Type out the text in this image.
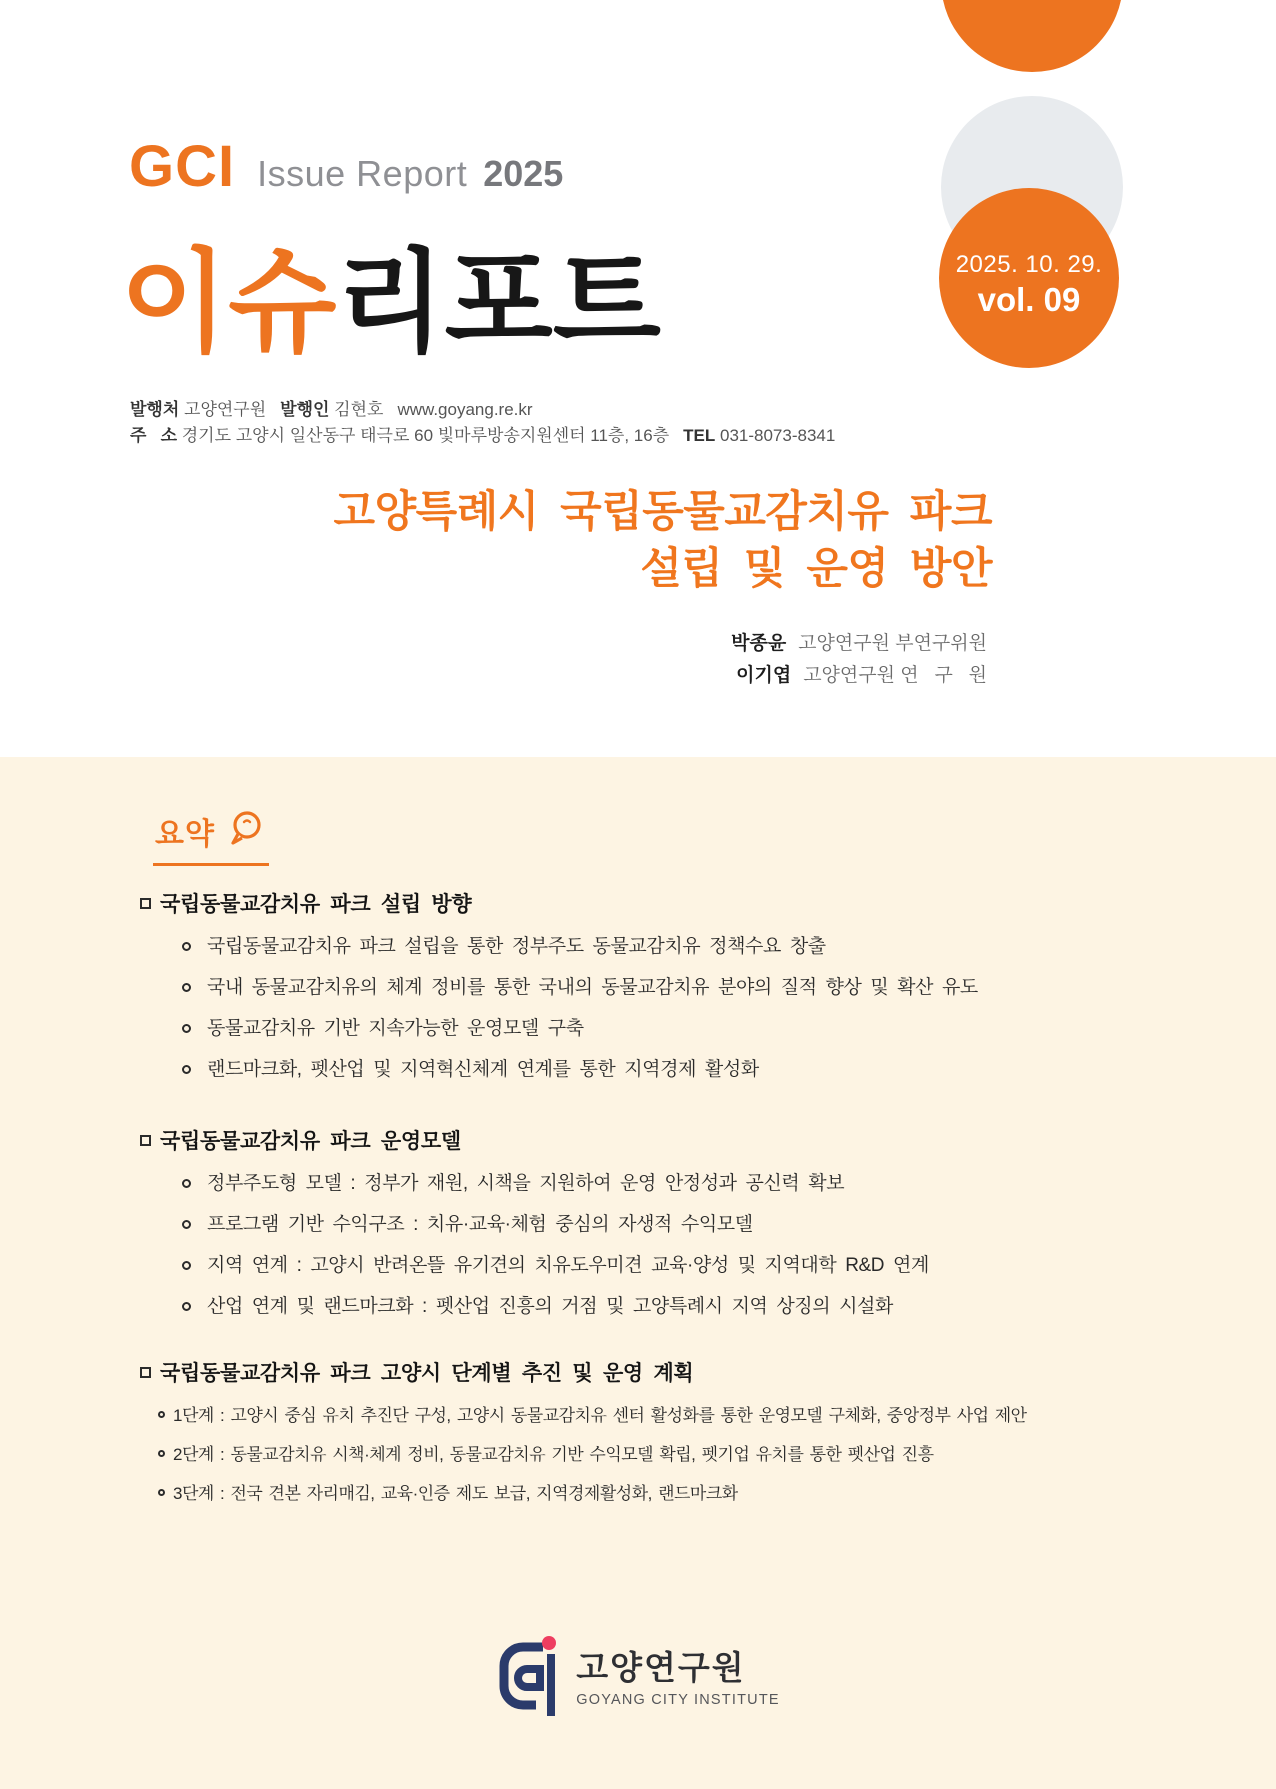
2025. 10. 29.
vol. 09
GCI Issue Report 2025
이슈리포트
발행처 고양연구원 발행인 김현호 www.goyang.re.kr
주   소 경기도 고양시 일산동구 태극로 60 빛마루방송지원센터 11층, 16층 TEL 031-8073-8341
고양특례시 국립동물교감치유 파크
설립 및 운영 방안
박종윤 고양연구원 부연구위원
이기엽 고양연구원 연   구   원
요약
국립동물교감치유 파크 설립 방향
국립동물교감치유 파크 설립을 통한 정부주도 동물교감치유 정책수요 창출
국내 동물교감치유의 체계 정비를 통한 국내의 동물교감치유 분야의 질적 향상 및 확산 유도
동물교감치유 기반 지속가능한 운영모델 구축
랜드마크화, 펫산업 및 지역혁신체계 연계를 통한 지역경제 활성화
국립동물교감치유 파크 운영모델
정부주도형 모델 : 정부가 재원, 시책을 지원하여 운영 안정성과 공신력 확보
프로그램 기반 수익구조 : 치유·교육·체험 중심의 자생적 수익모델
지역 연계 : 고양시 반려온뜰 유기견의 치유도우미견 교육·양성 및 지역대학 R&D 연계
산업 연계 및 랜드마크화 : 펫산업 진흥의 거점 및 고양특례시 지역 상징의 시설화
국립동물교감치유 파크 고양시 단계별 추진 및 운영 계획
1단계 : 고양시 중심 유치 추진단 구성, 고양시 동물교감치유 센터 활성화를 통한 운영모델 구체화, 중앙정부 사업 제안
2단계 : 동물교감치유 시책·체계 정비, 동물교감치유 기반 수익모델 확립, 펫기업 유치를 통한 펫산업 진흥
3단계 : 전국 견본 자리매김, 교육·인증 제도 보급, 지역경제활성화, 랜드마크화
고양연구원
GOYANG CITY INSTITUTE
